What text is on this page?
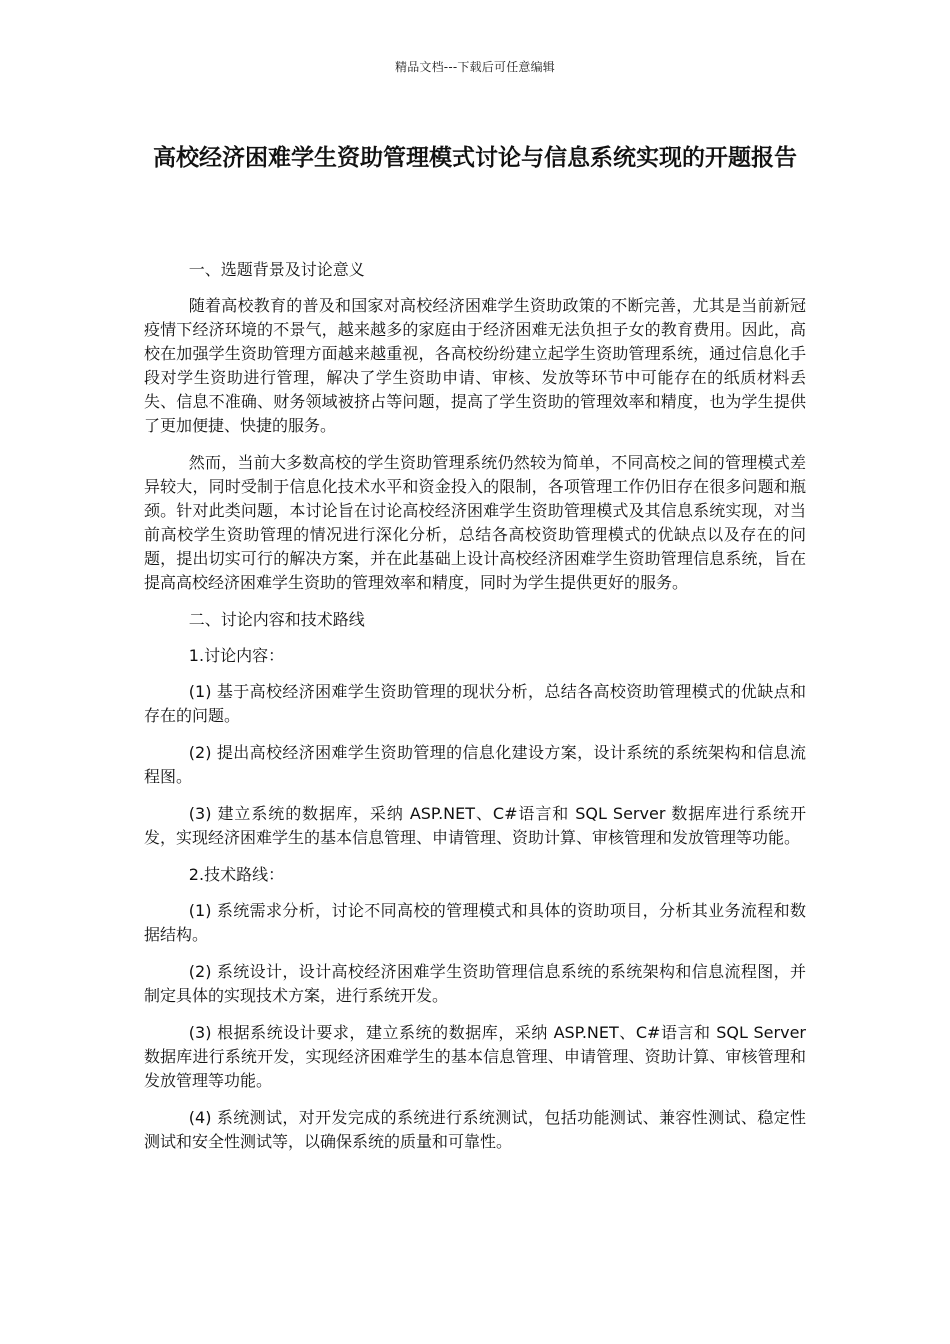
精品文档---下载后可任意编辑
高校经济困难学生资助管理模式讨论与信息系统实现的开题报告

一、选题背景及讨论意义

随着高校教育的普及和国家对高校经济困难学生资助政策的不断完善，尤其是当前新冠疫情下经济环境的不景气，越来越多的家庭由于经济困难无法负担子女的教育费用。因此，高校在加强学生资助管理方面越来越重视，各高校纷纷建立起学生资助管理系统，通过信息化手段对学生资助进行管理，解决了学生资助申请、审核、发放等环节中可能存在的纸质材料丢失、信息不准确、财务领域被挤占等问题，提高了学生资助的管理效率和精度，也为学生提供了更加便捷、快捷的服务。

然而，当前大多数高校的学生资助管理系统仍然较为简单，不同高校之间的管理模式差异较大，同时受制于信息化技术水平和资金投入的限制，各项管理工作仍旧存在很多问题和瓶颈。针对此类问题，本讨论旨在讨论高校经济困难学生资助管理模式及其信息系统实现，对当前高校学生资助管理的情况进行深化分析，总结各高校资助管理模式的优缺点以及存在的问题，提出切实可行的解决方案，并在此基础上设计高校经济困难学生资助管理信息系统，旨在提高高校经济困难学生资助的管理效率和精度，同时为学生提供更好的服务。

二、讨论内容和技术路线

1.讨论内容：

(1) 基于高校经济困难学生资助管理的现状分析，总结各高校资助管理模式的优缺点和存在的问题。

(2) 提出高校经济困难学生资助管理的信息化建设方案，设计系统的系统架构和信息流程图。

(3) 建立系统的数据库，采纳 ASP.NET、C#语言和 SQL Server 数据库进行系统开发，实现经济困难学生的基本信息管理、申请管理、资助计算、审核管理和发放管理等功能。

2.技术路线：

(1) 系统需求分析，讨论不同高校的管理模式和具体的资助项目，分析其业务流程和数据结构。

(2) 系统设计，设计高校经济困难学生资助管理信息系统的系统架构和信息流程图，并制定具体的实现技术方案，进行系统开发。

(3) 根据系统设计要求，建立系统的数据库，采纳 ASP.NET、C#语言和 SQL Server 数据库进行系统开发，实现经济困难学生的基本信息管理、申请管理、资助计算、审核管理和发放管理等功能。

(4) 系统测试，对开发完成的系统进行系统测试，包括功能测试、兼容性测试、稳定性测试和安全性测试等，以确保系统的质量和可靠性。
